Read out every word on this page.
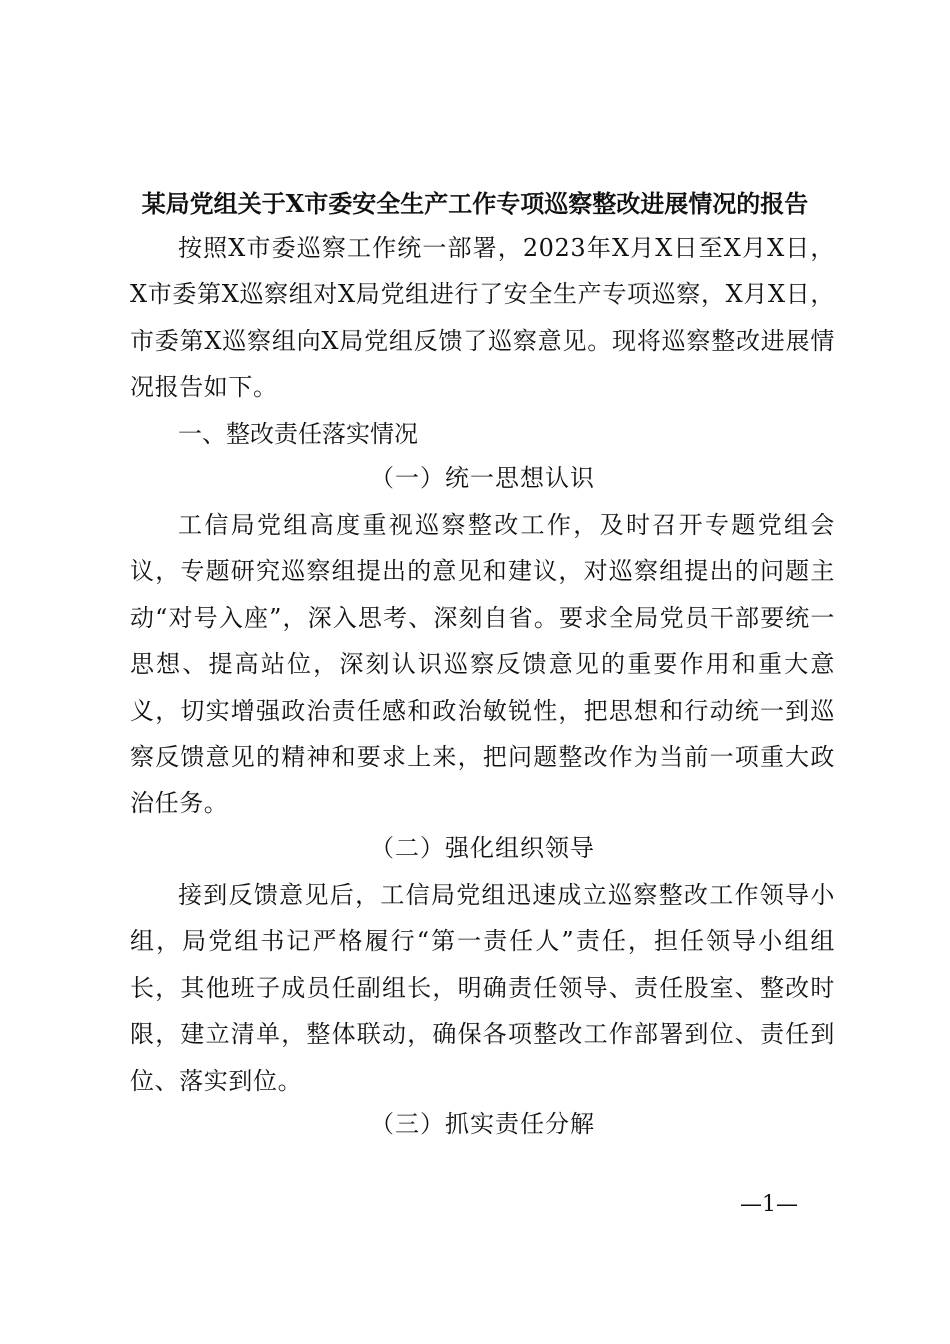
某局党组关于X市委安全生产工作专项巡察整改进展情况的报告

按照X市委巡察工作统一部署，2023年X月X日至X月X日，X市委第X巡察组对X局党组进行了安全生产专项巡察，X月X日，市委第X巡察组向X局党组反馈了巡察意见。现将巡察整改进展情况报告如下。

一、整改责任落实情况
（一）统一思想认识

工信局党组高度重视巡察整改工作，及时召开专题党组会议，专题研究巡察组提出的意见和建议，对巡察组提出的问题主动“对号入座”，深入思考、深刻自省。要求全局党员干部要统一思想、提高站位，深刻认识巡察反馈意见的重要作用和重大意义，切实增强政治责任感和政治敏锐性，把思想和行动统一到巡察反馈意见的精神和要求上来，把问题整改作为当前一项重大政治任务。

（二）强化组织领导

接到反馈意见后，工信局党组迅速成立巡察整改工作领导小组，局党组书记严格履行“第一责任人”责任，担任领导小组组长，其他班子成员任副组长，明确责任领导、责任股室、整改时限，建立清单，整体联动，确保各项整改工作部署到位、责任到位、落实到位。

（三）抓实责任分解
—1—
